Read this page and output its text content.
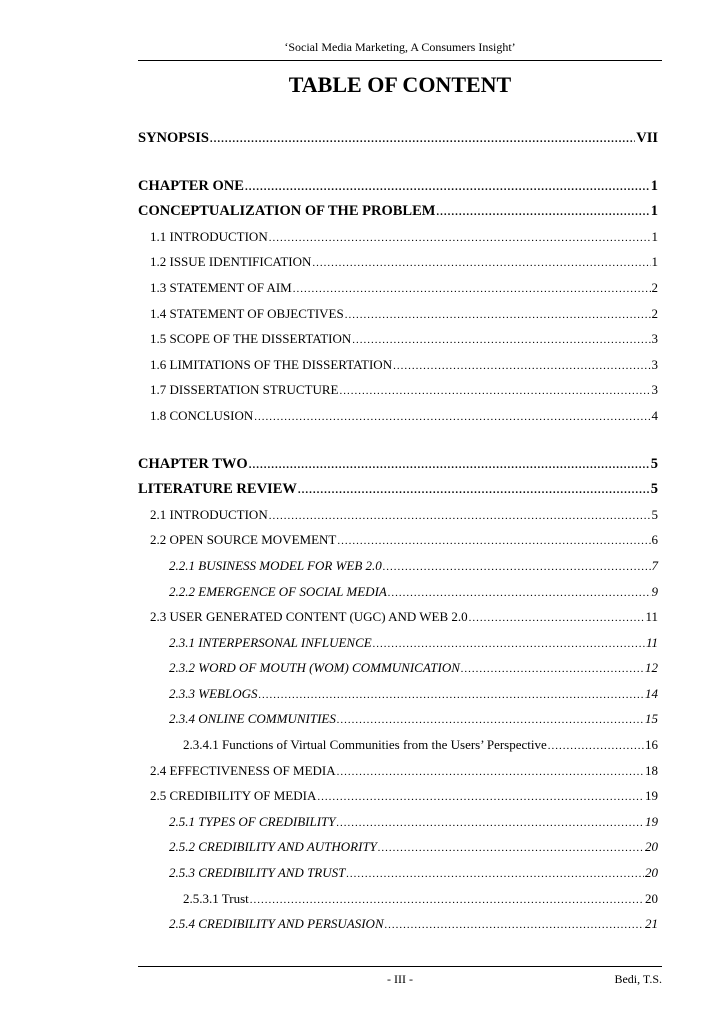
‘Social Media Marketing, A Consumers Insight’
TABLE OF CONTENT
SYNOPSIS .....	VII
CHAPTER ONE .....	1
CONCEPTUALIZATION OF THE PROBLEM .....	1
1.1 INTRODUCTION .....	1
1.2 ISSUE IDENTIFICATION .....	1
1.3 STATEMENT OF AIM .....	2
1.4 STATEMENT OF OBJECTIVES .....	2
1.5 SCOPE OF THE DISSERTATION .....	3
1.6 LIMITATIONS OF THE DISSERTATION .....	3
1.7 DISSERTATION STRUCTURE .....	3
1.8 CONCLUSION .....	4
CHAPTER TWO .....	5
LITERATURE REVIEW .....	5
2.1 INTRODUCTION .....	5
2.2 OPEN SOURCE MOVEMENT .....	6
2.2.1 BUSINESS MODEL FOR WEB 2.0 .....	7
2.2.2 EMERGENCE OF SOCIAL MEDIA .....	9
2.3 USER GENERATED CONTENT (UGC) AND WEB 2.0 .....	11
2.3.1 INTERPERSONAL INFLUENCE .....	11
2.3.2 WORD OF MOUTH (WOM) COMMUNICATION .....	12
2.3.3 WEBLOGS .....	14
2.3.4 ONLINE COMMUNITIES .....	15
2.3.4.1 Functions of Virtual Communities from the Users’ Perspective .....	16
2.4 EFFECTIVENESS OF MEDIA .....	18
2.5 CREDIBILITY OF MEDIA .....	19
2.5.1 TYPES OF CREDIBILITY .....	19
2.5.2 CREDIBILITY AND AUTHORITY .....	20
2.5.3 CREDIBILITY AND TRUST .....	20
2.5.3.1 Trust .....	20
2.5.4 CREDIBILITY AND PERSUASION .....	21
- III -	Bedi, T.S.
